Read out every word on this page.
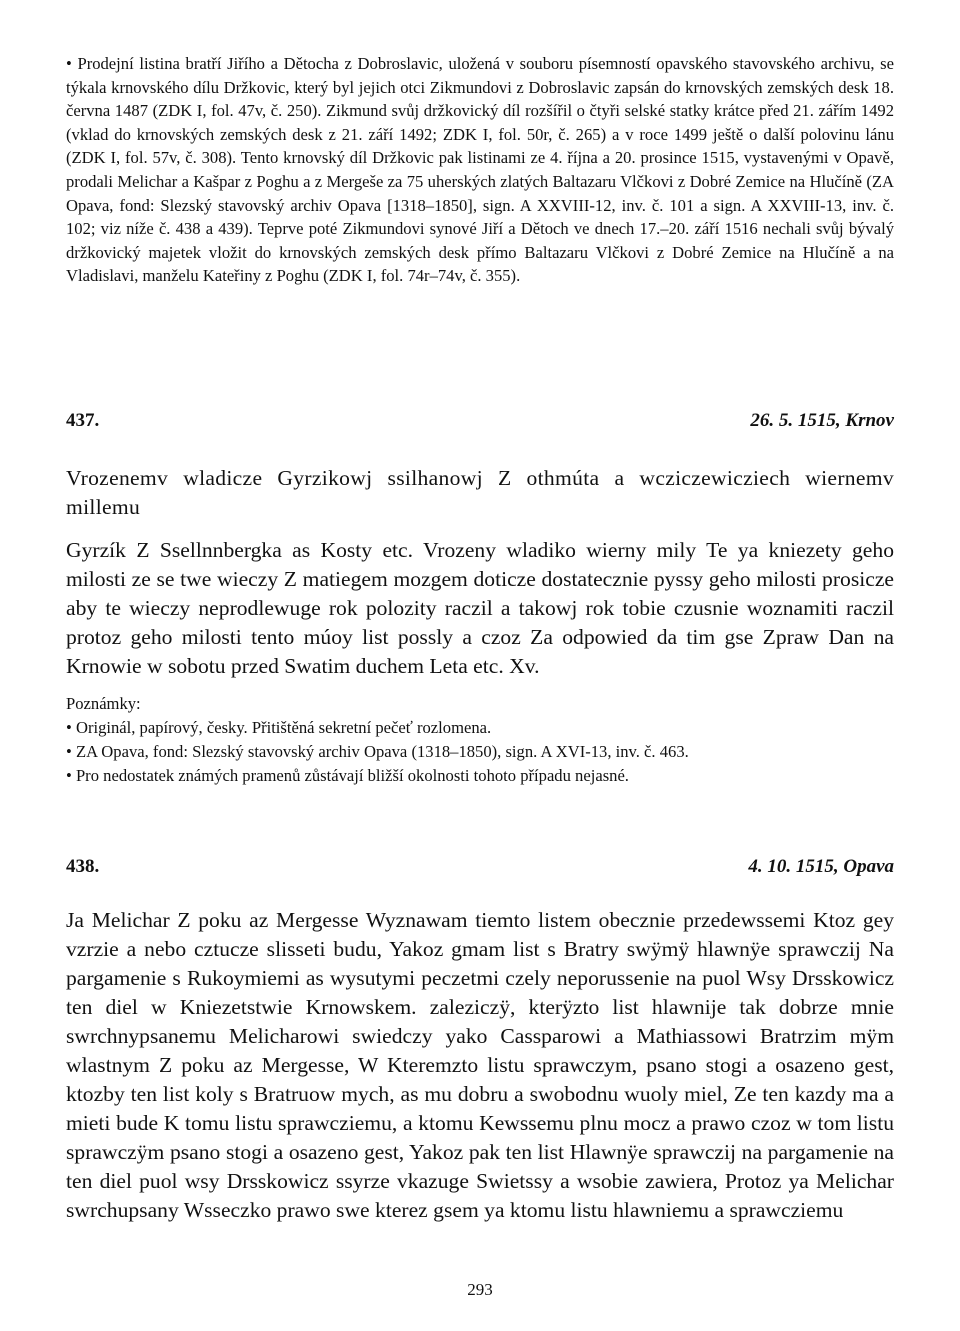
• Prodejní listina bratří Jiřího a Dětocha z Dobroslavic, uložená v souboru písemností opavského stavovského archivu, se týkala krnovského dílu Držkovic, který byl jejich otci Zikmundovi z Dobroslavic zapsán do krnovských zemských desk 18. června 1487 (ZDK I, fol. 47v, č. 250). Zikmund svůj držkovický díl rozšířil o čtyři selské statky krátce před 21. zářím 1492 (vklad do krnovských zemských desk z 21. září 1492; ZDK I, fol. 50r, č. 265) a v roce 1499 ještě o další polovinu lánu (ZDK I, fol. 57v, č. 308). Tento krnovský díl Držkovic pak listinami ze 4. října a 20. prosince 1515, vystavenými v Opavě, prodali Melichar a Kašpar z Poghu a z Mergeše za 75 uherských zlatých Baltazaru Vlčkovi z Dobré Zemice na Hlučíně (ZA Opava, fond: Slezský stavovský archiv Opava [1318–1850], sign. A XXVIII-12, inv. č. 101 a sign. A XXVIII-13, inv. č. 102; viz níže č. 438 a 439). Teprve poté Zikmundovi synové Jiří a Dětoch ve dnech 17.–20. září 1516 nechali svůj bývalý držkovický majetek vložit do krnovských zemských desk přímo Baltazaru Vlčkovi z Dobré Zemice na Hlučíně a na Vladislavi, manželu Kateřiny z Poghu (ZDK I, fol. 74r–74v, č. 355).

437.	26. 5. 1515, Krnov

Vrozenemv wladicze Gyrzikowj ssilhanowj Z othmúta a wcziczewicziech wiernemv millemu

Gyrzík Z Ssellnnbergka as Kosty etc. Vrozeny wladiko wierny mily Te ya kniezety geho milosti ze se twe wieczy Z matiegem mozgem doticze dostatecznie pyssy geho milosti prosicze aby te wieczy neprodlewuge rok polozity raczil a takowj rok tobie czusnie woznamiti raczil protoz geho milosti tento múoy list possly a czoz Za odpowied da tim gse Zpraw Dan na Krnowie w sobotu przed Swatim duchem Leta etc. Xv.

Poznámky:
• Originál, papírový, česky. Přitištěná sekretní pečeť rozlomena.
• ZA Opava, fond: Slezský stavovský archiv Opava (1318–1850), sign. A XVI-13, inv. č. 463.
• Pro nedostatek známých pramenů zůstávají bližší okolnosti tohoto případu nejasné.
438.	4. 10. 1515, Opava

Ja Melichar Z poku az Mergesse Wyznawam tiemto listem obecznie przedewssemi Ktoz gey vzrzie a nebo cztucze slisseti budu, Yakoz gmam list s Bratry swÿmÿ hlawnÿe sprawczij Na pargamenie s Rukoymiemi as wysutymi peczetmi czely neporussenie na puol Wsy Drsskowicz ten diel w Kniezetstwie Krnowskem. zaleziczÿ, kterÿzto list hlawnije tak dobrze mnie swrchnypsanemu Melicharowi swiedczy yako Cassparowi a Mathiassowi Bratrzim mÿm wlastnym Z poku az Mergesse, W Kteremzto listu sprawczym, psano stogi a osazeno gest, ktozby ten list koly s Bratruow mych, as mu dobru a swobodnu wuoly miel, Ze ten kazdy ma a mieti bude K tomu listu sprawcziemu, a ktomu Kewssemu plnu mocz a prawo czoz w tom listu sprawczÿm psano stogi a osazeno gest, Yakoz pak ten list Hlawnÿe sprawczij na pargamenie na ten diel puol wsy Drsskowicz ssyrze vkazuge Swietssy a wsobie zawiera, Protoz ya Melichar swrchupsany Wsseczko prawo swe kterez gsem ya ktomu listu hlawniemu a sprawcziemu

293
